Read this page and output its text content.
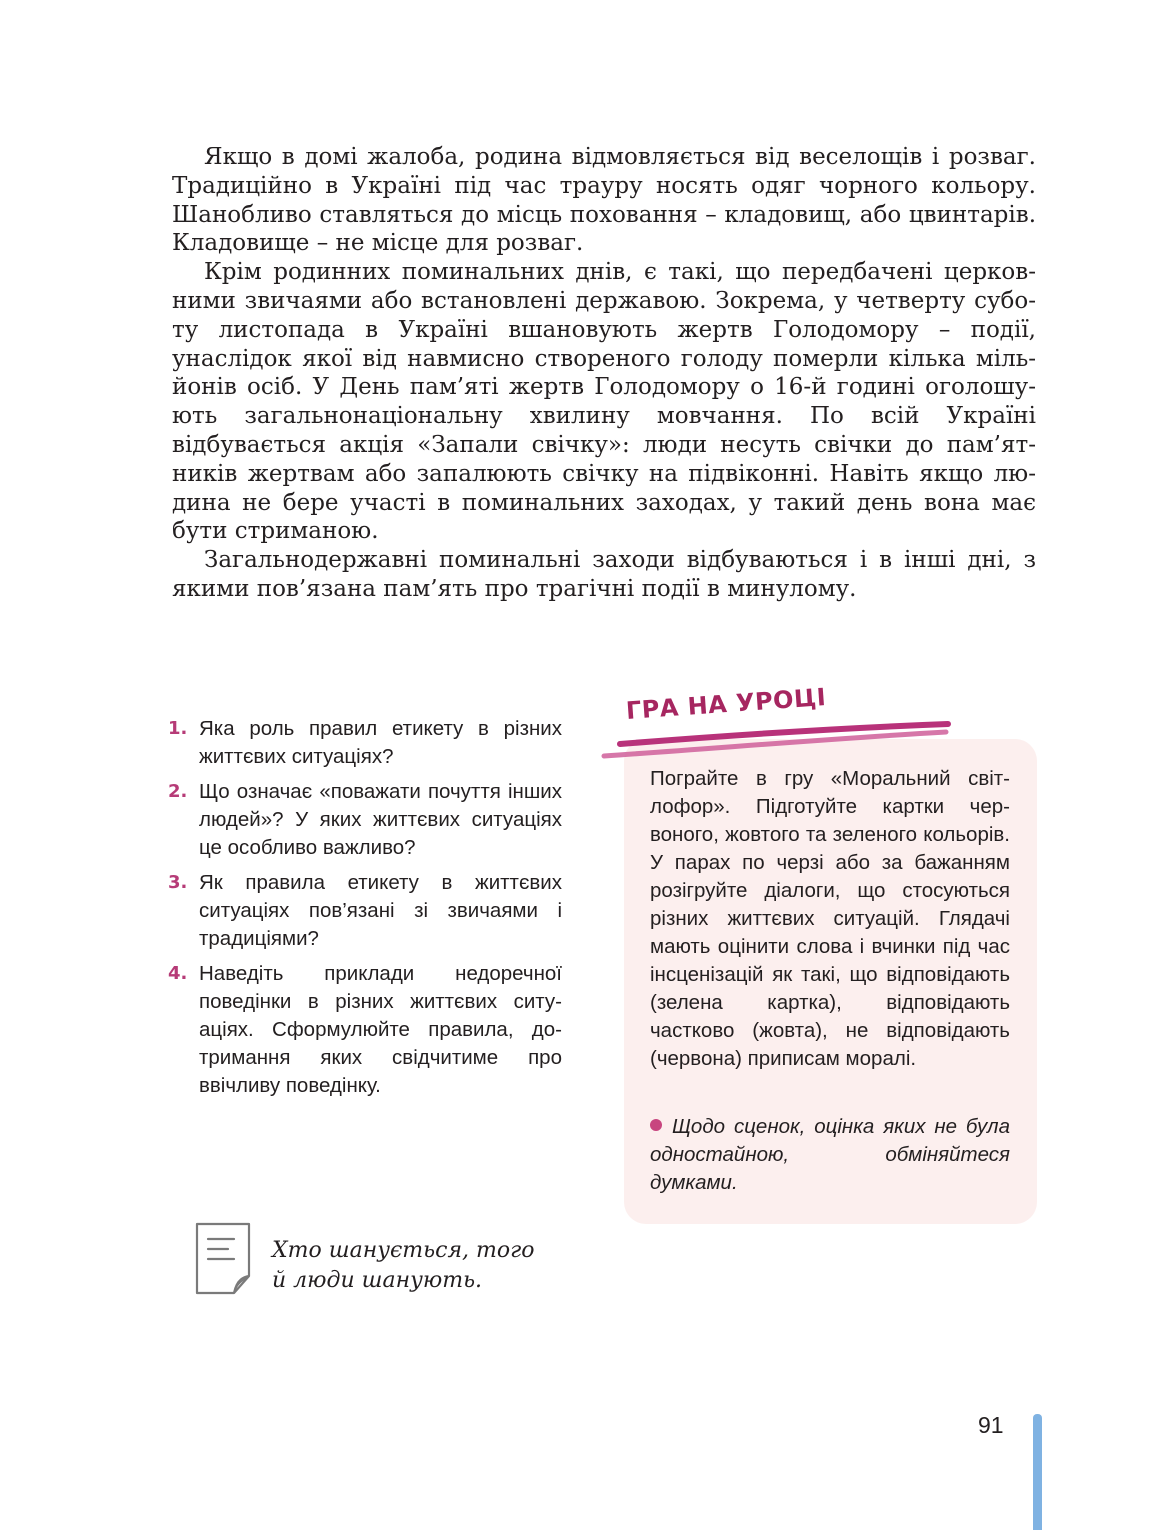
Якщо в домі жалоба, родина відмовляється від веселощів і розваг. Традиційно в Україні під час трауру носять одяг чорного кольору. Шанобливо ставляться до місць поховання – кладовищ, або цвинтарів. Кладовище – не місце для розваг.

Крім родинних поминальних днів, є такі, що передбачені церковними звичаями або встановлені державою. Зокрема, у четверту суботу листопада в Україні вшановують жертв Голодомору – події, унаслідок якої від навмисно створеного голоду померли кілька мільйонів осіб. У День пам’яті жертв Голодомору о 16-й годині оголошують загальнонаціональну хвилину мовчання. По всій Україні відбувається акція «Запали свічку»: люди несуть свічки до пам’ятників жертвам або запалюють свічку на підвіконні. Навіть якщо людина не бере участі в поминальних заходах, у такий день вона має бути стриманою.

Загальнодержавні поминальні заходи відбуваються і в інші дні, з якими пов’язана пам’ять про трагічні події в минулому.

1. Яка роль правил етикету в різних життєвих ситуаціях?
2. Що означає «поважати почуття інших людей»? У яких життєвих ситуаціях це особливо важливо?
3. Як правила етикету в життєвих ситуаціях пов’язані зі звичаями і традиціями?
4. Наведіть приклади недоречної поведінки в різних життєвих ситуаціях. Сформулюйте правила, дотримання яких свідчитиме про ввічливу поведінку.
ГРА НА УРОЦІ

Пограйте в гру «Моральний світлофор». Підготуйте картки червоного, жовтого та зеленого кольорів. У парах по черзі або за бажанням розігруйте діалоги, що стосуються різних життєвих ситуацій. Глядачі мають оцінити слова і вчинки під час інсценізацій як такі, що відповідають (зелена картка), відповідають частково (жовта), не відповідають (червона) приписам моралі.

Щодо сценок, оцінка яких не була одностайною, обміняйтеся думками.
Хто шанується, того
й люди шанують.
91
